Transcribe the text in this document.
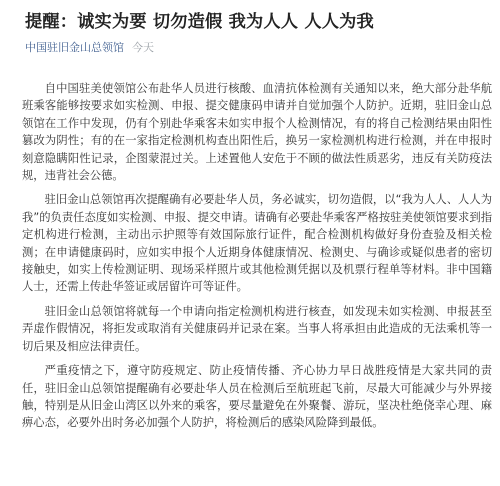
提醒：诚实为要 切勿造假 我为人人 人人为我
中国驻旧金山总领馆 今天

自中国驻美使领馆公布赴华人员进行核酸、血清抗体检测有关通知以来，绝大部分赴华航班乘客能够按要求如实检测、申报、提交健康码申请并自觉加强个人防护。近期，驻旧金山总领馆在工作中发现，仍有个别赴华乘客未如实申报个人检测情况，有的将自己检测结果由阳性篡改为阴性；有的在一家指定检测机构查出阳性后，换另一家检测机构进行检测，并在申报时刻意隐瞒阳性记录，企图蒙混过关。上述置他人安危于不顾的做法性质恶劣，违反有关防疫法规，违背社会公德。

驻旧金山总领馆再次提醒确有必要赴华人员，务必诚实，切勿造假，以“我为人人、人人为我”的负责任态度如实检测、申报、提交申请。请确有必要赴华乘客严格按驻美使领馆要求到指定机构进行检测，主动出示护照等有效国际旅行证件，配合检测机构做好身份查验及相关检测；在申请健康码时，应如实申报个人近期身体健康情况、检测史、与确诊或疑似患者的密切接触史，如实上传检测证明、现场采样照片或其他检测凭据以及机票行程单等材料。非中国籍人士，还需上传赴华签证或居留许可等证件。

驻旧金山总领馆将就每一个申请向指定检测机构进行核查，如发现未如实检测、申报甚至弄虚作假情况，将拒发或取消有关健康码并记录在案。当事人将承担由此造成的无法乘机等一切后果及相应法律责任。

严重疫情之下，遵守防疫规定、防止疫情传播、齐心协力早日战胜疫情是大家共同的责任，驻旧金山总领馆提醒确有必要赴华人员在检测后至航班起飞前，尽最大可能减少与外界接触，特别是从旧金山湾区以外来的乘客，要尽量避免在外聚餐、游玩，坚决杜绝侥幸心理、麻痹心态，必要外出时务必加强个人防护，将检测后的感染风险降到最低。
